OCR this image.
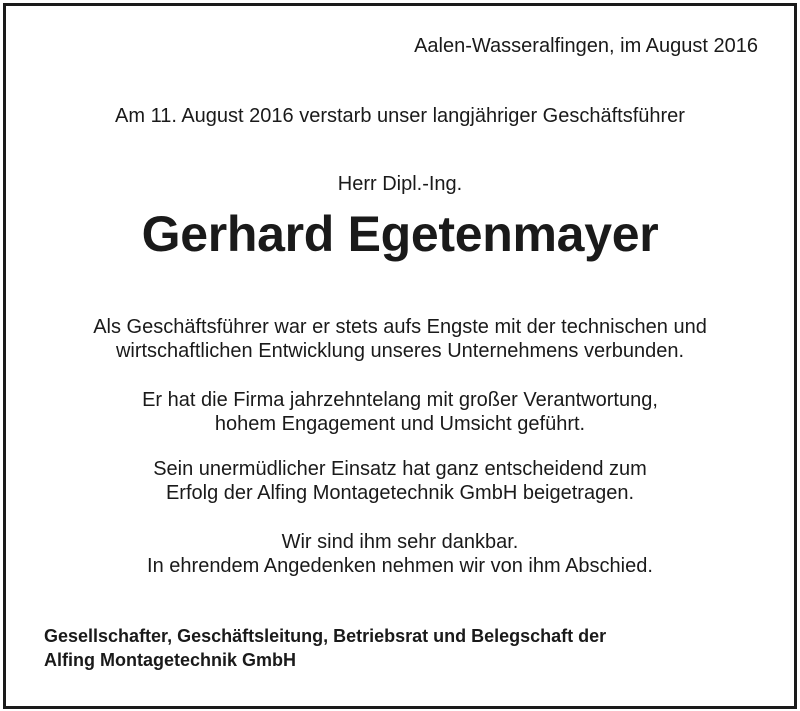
Aalen-Wasseralfingen, im August 2016
Am 11. August 2016 verstarb unser langjähriger Geschäftsführer
Herr Dipl.-Ing.
Gerhard Egetenmayer
Als Geschäftsführer war er stets aufs Engste mit der technischen und
wirtschaftlichen Entwicklung unseres Unternehmens verbunden.
Er hat die Firma jahrzehntelang mit großer Verantwortung,
hohem Engagement und Umsicht geführt.
Sein unermüdlicher Einsatz hat ganz entscheidend zum
Erfolg der Alfing Montagetechnik GmbH beigetragen.
Wir sind ihm sehr dankbar.
In ehrendem Angedenken nehmen wir von ihm Abschied.
Gesellschafter, Geschäftsleitung, Betriebsrat und Belegschaft der
Alfing Montagetechnik GmbH
